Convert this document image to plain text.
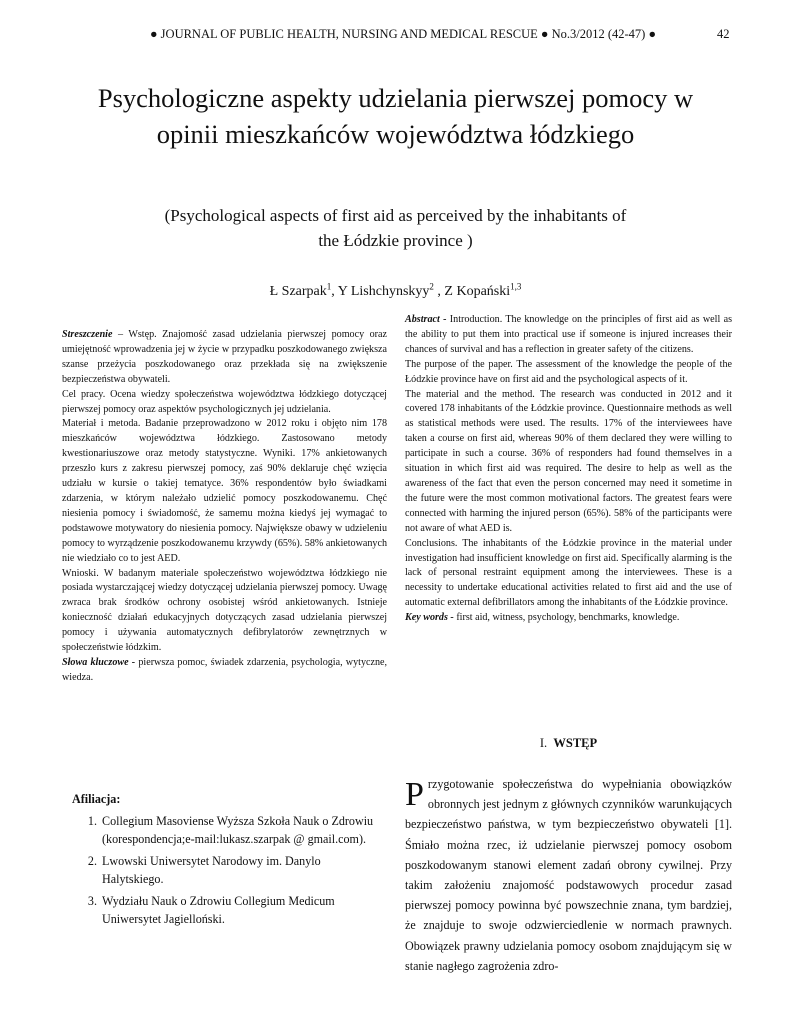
● JOURNAL OF PUBLIC HEALTH, NURSING AND MEDICAL RESCUE ● No.3/2012 (42-47) ●	42
Psychologiczne aspekty udzielania pierwszej pomocy w opinii mieszkańców województwa łódzkiego
(Psychological aspects of first aid as perceived by the inhabitants of the Łódzkie province )
Ł Szarpak$^1$, Y Lishchynskyy$^2$ , Z Kopański$^{1,3}$

Streszczenie – Wstęp. Znajomość zasad udzielania pierwszej pomocy oraz umiejętność wprowadzenia jej w życie w przypadku poszkodowanego zwiększa szanse przeżycia poszkodowanego oraz przekłada się na zwiększenie bezpieczeństwa obywateli.

Cel pracy. Ocena wiedzy społeczeństwa województwa łódzkiego dotyczącej pierwszej pomocy oraz aspektów psychologicznych jej udzielania.

Materiał i metoda. Badanie przeprowadzono w 2012 roku i objęto nim 178 mieszkańców województwa łódzkiego. Zastosowano metody kwestionariuszowe oraz metody statystyczne. Wyniki. 17% ankietowanych przeszło kurs z zakresu pierwszej pomocy, zaś 90% deklaruje chęć wzięcia udziału w kursie o takiej tematyce. 36% respondentów było świadkami zdarzenia, w którym należało udzielić pomocy poszkodowanemu. Chęć niesienia pomocy i świadomość, że samemu można kiedyś jej wymagać to podstawowe motywatory do niesienia pomocy. Największe obawy w udzieleniu pomocy to wyrządzenie poszkodowanemu krzywdy (65%). 58% ankietowanych nie wiedziało co to jest AED.

Wnioski. W badanym materiale społeczeństwo województwa łódzkiego nie posiada wystarczającej wiedzy dotyczącej udzielania pierwszej pomocy. Uwagę zwraca brak środków ochrony osobistej wśród ankietowanych. Istnieje konieczność działań edukacyjnych dotyczących zasad udzielania pierwszej pomocy i używania automatycznych defibrylatorów zewnętrznych w społeczeństwie łódzkim.

Słowa kluczowe - pierwsza pomoc, świadek zdarzenia, psychologia, wytyczne, wiedza.

Abstract - Introduction. The knowledge on the principles of first aid as well as the ability to put them into practical use if someone is injured increases their chances of survival and has a reflection in greater safety of the citizens.

The purpose of the paper. The assessment of the knowledge the people of the Łódzkie province have on first aid and the psychological aspects of it.

The material and the method. The research was conducted in 2012 and it covered 178 inhabitants of the Łódzkie province. Questionnaire methods as well as statistical methods were used. The results. 17% of the interviewees have taken a course on first aid, whereas 90% of them declared they were willing to participate in such a course. 36% of responders had found themselves in a situation in which first aid was required. The desire to help as well as the awareness of the fact that even the person concerned may need it sometime in the future were the most common motivational factors. The greatest fears were connected with harming the injured person (65%). 58% of the participants were not aware of what AED is.

Conclusions. The inhabitants of the Łódzkie province in the material under investigation had insufficient knowledge on first aid. Specifically alarming is the lack of personal restraint equipment among the interviewees. These is a necessity to undertake educational activities related to first aid and the use of automatic external defibrillators among the inhabitants of the Łódzkie province.

Key words - first aid, witness, psychology, benchmarks, knowledge.

I. WSTĘP
Przygotowanie społeczeństwa do wypełniania obowiązków obronnych jest jednym z głównych czynników warunkujących bezpieczeństwo państwa, w tym bezpieczeństwo obywateli [1]. Śmiało można rzec, iż udzielanie pierwszej pomocy osobom poszkodowanym stanowi element zadań obrony cywilnej. Przy takim założeniu znajomość podstawowych procedur zasad pierwszej pomocy powinna być powszechnie znana, tym bardziej, że znajduje to swoje odzwierciedlenie w normach prawnych. Obowiązek prawny udzielania pomocy osobom znajdującym się w stanie nagłego zagrożenia zdro-
Afiliacja:
1. Collegium Masoviense Wyższa Szkoła Nauk o Zdrowiu (korespondencja;e-mail:lukasz.szarpak @ gmail.com).
2. Lwowski Uniwersytet Narodowy im. Danylo Halytskiego.
3. Wydziału Nauk o Zdrowiu Collegium Medicum Uniwersytet Jagielloński.
